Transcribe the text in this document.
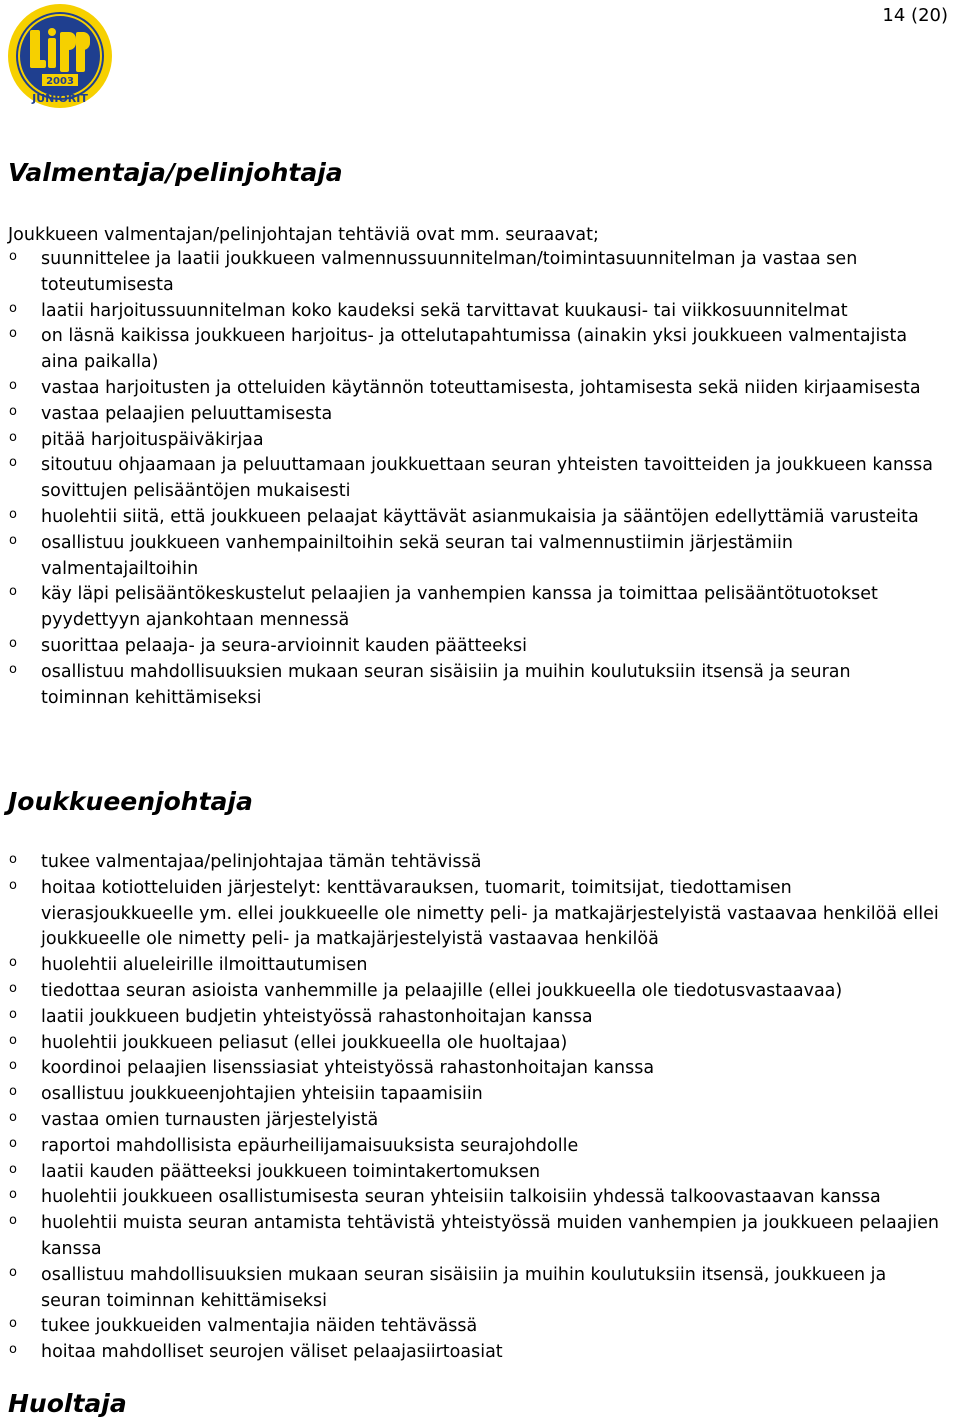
2003
JUNIORIT
14 (20)
Valmentaja/pelinjohtaja
Joukkueen valmentajan/pelinjohtajan tehtäviä ovat mm. seuraavat;
o suunnittelee ja laatii joukkueen valmennussuunnitelman/toimintasuunnitelman ja vastaa sen toteutumisesta
o laatii harjoitussuunnitelman koko kaudeksi sekä tarvittavat kuukausi- tai viikkosuunnitelmat
o on läsnä kaikissa joukkueen harjoitus- ja ottelutapahtumissa (ainakin yksi joukkueen valmentajista aina paikalla)
o vastaa harjoitusten ja otteluiden käytännön toteuttamisesta, johtamisesta sekä niiden kirjaamisesta
o vastaa pelaajien peluuttamisesta
o pitää harjoituspäiväkirjaa
o sitoutuu ohjaamaan ja peluuttamaan joukkuettaan seuran yhteisten tavoitteiden ja joukkueen kanssa sovittujen pelisääntöjen mukaisesti
o huolehtii siitä, että joukkueen pelaajat käyttävät asianmukaisia ja sääntöjen edellyttämiä varusteita
o osallistuu joukkueen vanhempainiltoihin sekä seuran tai valmennustiimin järjestämiin valmentajailtoihin
o käy läpi pelisääntökeskustelut pelaajien ja vanhempien kanssa ja toimittaa pelisääntötuotokset pyydettyyn ajankohtaan mennessä
o suorittaa pelaaja- ja seura-arvioinnit kauden päätteeksi
o osallistuu mahdollisuuksien mukaan seuran sisäisiin ja muihin koulutuksiin itsensä ja seuran toiminnan kehittämiseksi
Joukkueenjohtaja
o tukee valmentajaa/pelinjohtajaa tämän tehtävissä
o hoitaa kotiotteluiden järjestelyt: kenttävarauksen, tuomarit, toimitsijat, tiedottamisen vierasjoukkueelle ym. ellei joukkueelle ole nimetty peli- ja matkajärjestelyistä vastaavaa henkilöä ellei joukkueelle ole nimetty peli- ja matkajärjestelyistä vastaavaa henkilöä
o huolehtii alueleirille ilmoittautumisen
o tiedottaa seuran asioista vanhemmille ja pelaajille (ellei joukkueella ole tiedotusvastaavaa)
o laatii joukkueen budjetin yhteistyössä rahastonhoitajan kanssa
o huolehtii joukkueen peliasut (ellei joukkueella ole huoltajaa)
o koordinoi pelaajien lisenssiasiat yhteistyössä rahastonhoitajan kanssa
o osallistuu joukkueenjohtajien yhteisiin tapaamisiin
o vastaa omien turnausten järjestelyistä
o raportoi mahdollisista epäurheilijamaisuuksista seurajohdolle
o laatii kauden päätteeksi joukkueen toimintakertomuksen
o huolehtii joukkueen osallistumisesta seuran yhteisiin talkoisiin yhdessä talkoovastaavan kanssa
o huolehtii muista seuran antamista tehtävistä yhteistyössä muiden vanhempien ja joukkueen pelaajien kanssa
o osallistuu mahdollisuuksien mukaan seuran sisäisiin ja muihin koulutuksiin itsensä, joukkueen ja seuran toiminnan kehittämiseksi
o tukee joukkueiden valmentajia näiden tehtävässä
o hoitaa mahdolliset seurojen väliset pelaajasiirtoasiat
Huoltaja
